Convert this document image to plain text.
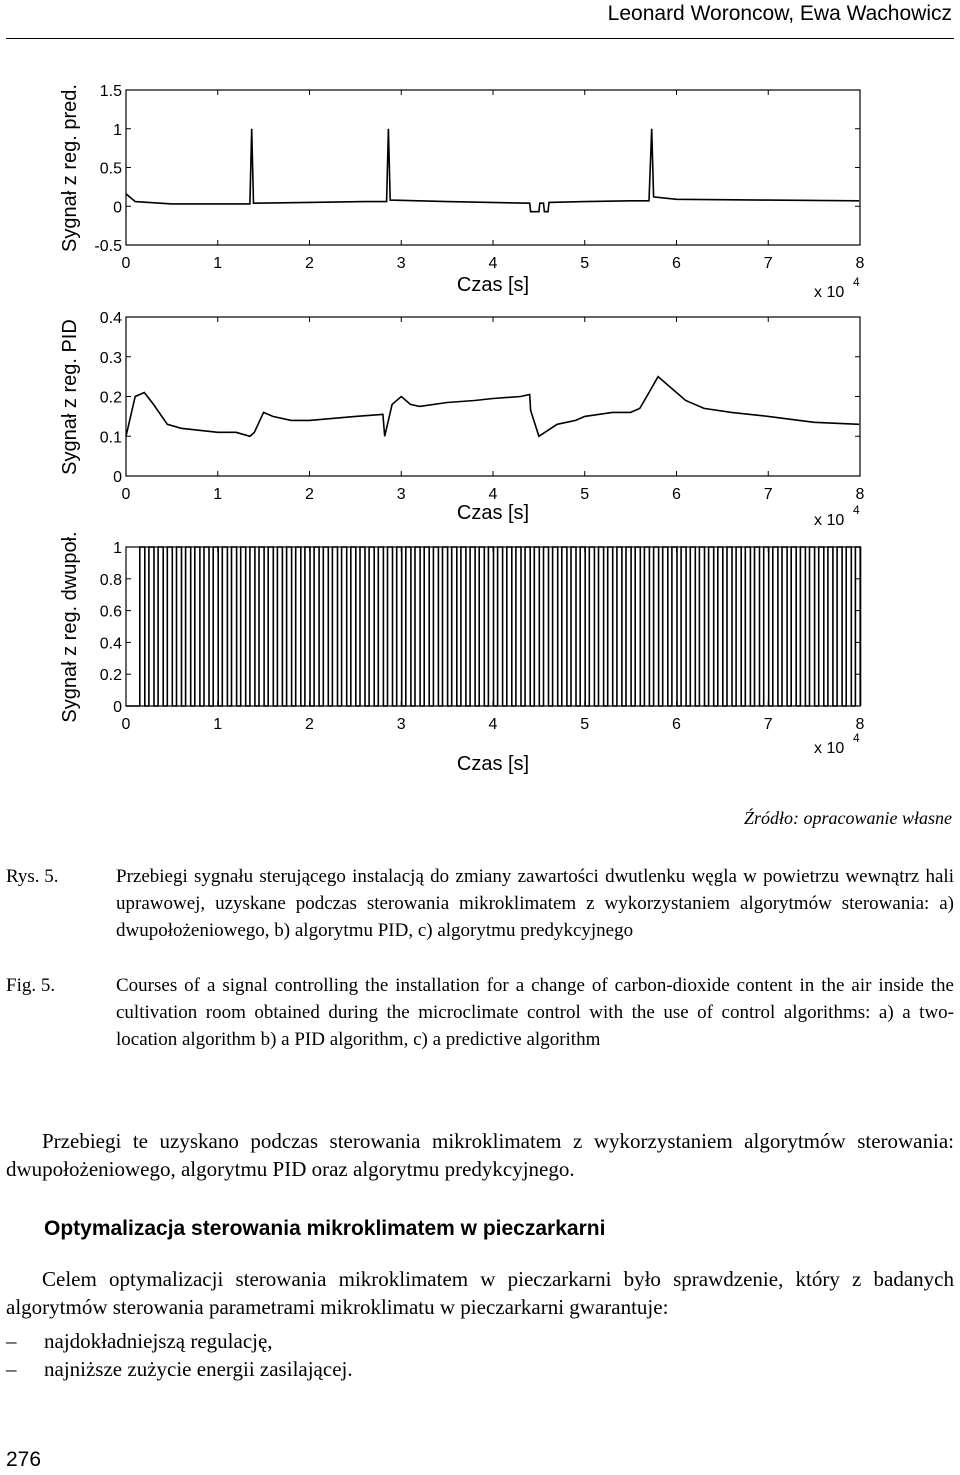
Leonard Woroncow, Ewa Wachowicz
0	1	2	3	4	5	6	7	8
1.5
1
0.5
0
-0.5
Czas [s]
Sygnał z reg. pred.
x 10
4
0	1	2	3	4	5	6	7	8
0.4
0.3
0.2
0.1
0
Czas [s]
Sygnał z reg. PID
x 10
4
0	1	2	3	4	5	6	7	8
1
0.8
0.6
0.4
0.2
0
Czas [s]
Sygnał z reg. dwupoł.
x 10
4
Źródło: opracowanie własne
Rys. 5.	Przebiegi sygnału sterującego instalacją do zmiany zawartości dwutlenku węgla w powietrzu wewnątrz hali uprawowej, uzyskane podczas sterowania mikroklimatem z wykorzystaniem algorytmów sterowania: a) dwupołożeniowego, b) algorytmu PID, c) algorytmu predykcyjnego
Fig. 5.	Courses of a signal controlling the installation for a change of carbon-dioxide content in the air inside the cultivation room obtained during the microclimate control with the use of control algorithms: a) a two-location algorithm b) a PID algorithm, c) a predictive algorithm
Przebiegi te uzyskano podczas sterowania mikroklimatem z wykorzystaniem algorytmów sterowania: dwupołożeniowego, algorytmu PID oraz algorytmu predykcyjnego.
Optymalizacja sterowania mikroklimatem w pieczarkarni
Celem optymalizacji sterowania mikroklimatem w pieczarkarni było sprawdzenie, który z badanych algorytmów sterowania parametrami mikroklimatu w pieczarkarni gwarantuje:
– najdokładniejszą regulację,
– najniższe zużycie energii zasilającej.
276
